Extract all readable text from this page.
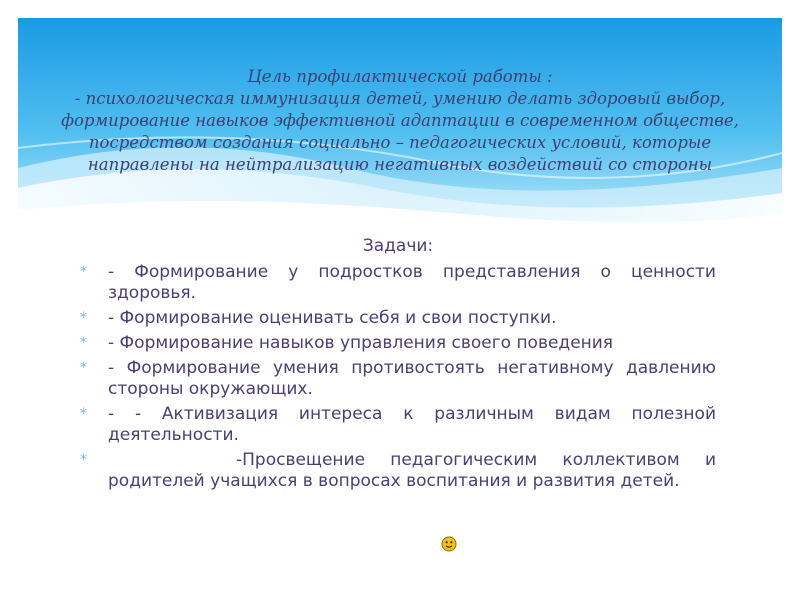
Цель профилактической работы :
- психологическая иммунизация детей, умению делать здоровый выбор,
формирование навыков эффективной адаптации в современном обществе,
посредством создания социально – педагогических условий, которые
направлены на нейтрализацию негативных воздействий со стороны
Задачи:
* - Формирование у подростков представления о ценности здоровья.
* - Формирование оценивать себя и свои поступки.
* - Формирование навыков управления своего поведения
* - Формирование умения противостоять негативному давлению стороны окружающих.
* - - Активизация интереса к различным видам полезной деятельности.
*	-Просвещение педагогическим коллективом и родителей учащихся в вопросах воспитания и развития детей.
